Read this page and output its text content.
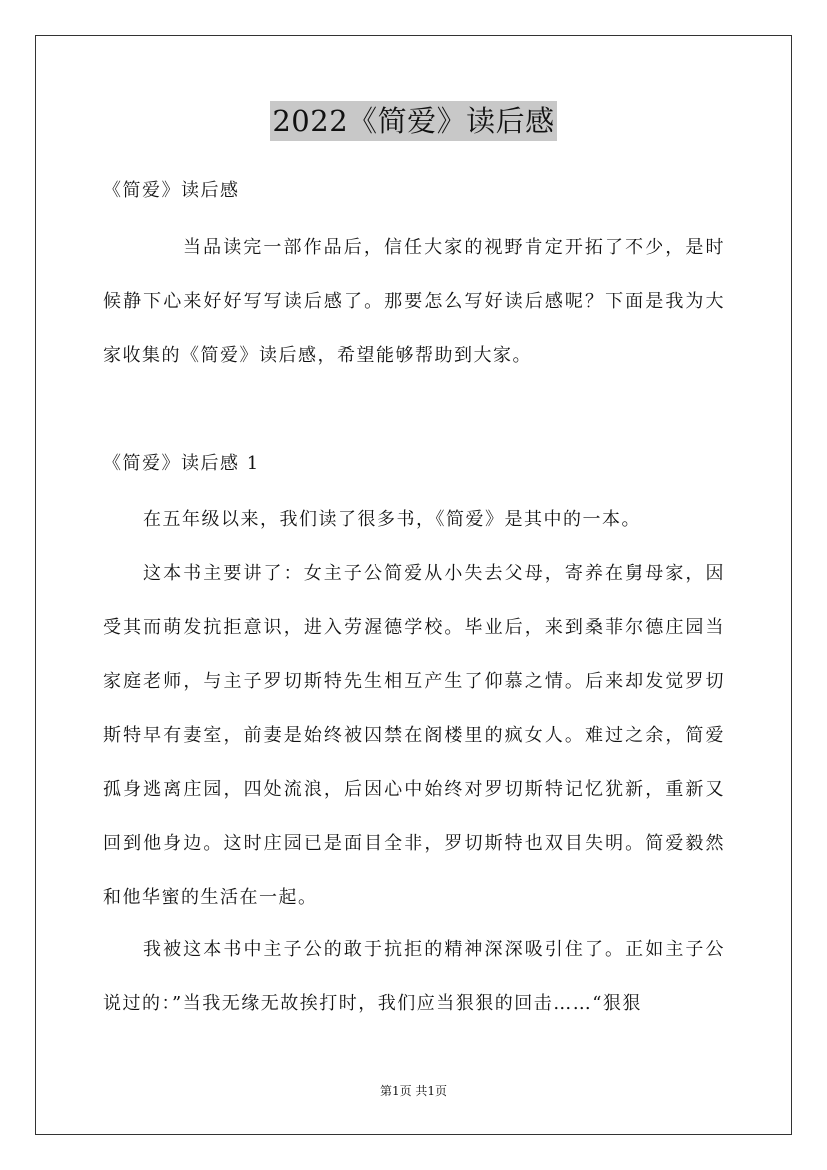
2022《简爱》读后感

《简爱》读后感

当品读完一部作品后，信任大家的视野肯定开拓了不少，是时候静下心来好好写写读后感了。那要怎么写好读后感呢？下面是我为大家收集的《简爱》读后感，希望能够帮助到大家。

《简爱》读后感 1

在五年级以来，我们读了很多书，《简爱》是其中的一本。

这本书主要讲了：女主子公简爱从小失去父母，寄养在舅母家，因受其而萌发抗拒意识，进入劳渥德学校。毕业后，来到桑菲尔德庄园当家庭老师，与主子罗切斯特先生相互产生了仰慕之情。后来却发觉罗切斯特早有妻室，前妻是始终被囚禁在阁楼里的疯女人。难过之余，简爱孤身逃离庄园，四处流浪，后因心中始终对罗切斯特记忆犹新，重新又回到他身边。这时庄园已是面目全非，罗切斯特也双目失明。简爱毅然和他华蜜的生活在一起。

我被这本书中主子公的敢于抗拒的精神深深吸引住了。正如主子公说过的：”当我无缘无故挨打时，我们应当狠狠的回击……“狠狠

第1页 共1页
